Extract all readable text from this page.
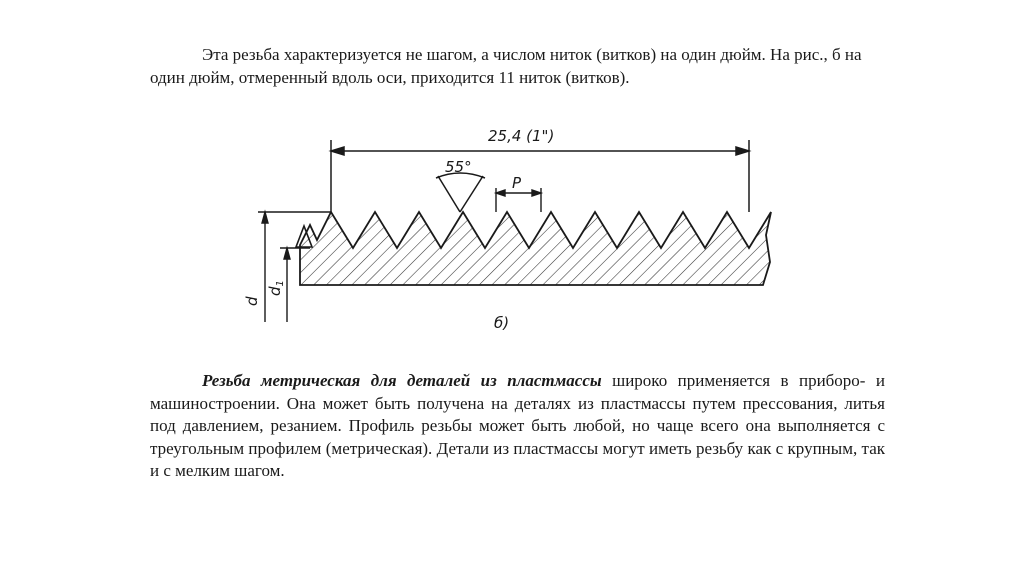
Эта резьба характеризуется не шагом, а числом ниток (витков) на один дюйм. На рис., б на один дюйм, отмеренный вдоль оси, приходится 11 ниток (витков).

25,4 (1")
55°
P
d
$d_1$
б)

Резьба метрическая для деталей из пластмассы широко применяется в приборо- и машиностроении. Она может быть получена на деталях из пластмассы путем прессования, литья под давлением, резанием. Профиль резьбы может быть любой, но чаще всего она выполняется с треугольным профилем (метрическая). Детали из пластмассы могут иметь резьбу как с крупным, так и с мелким шагом.
